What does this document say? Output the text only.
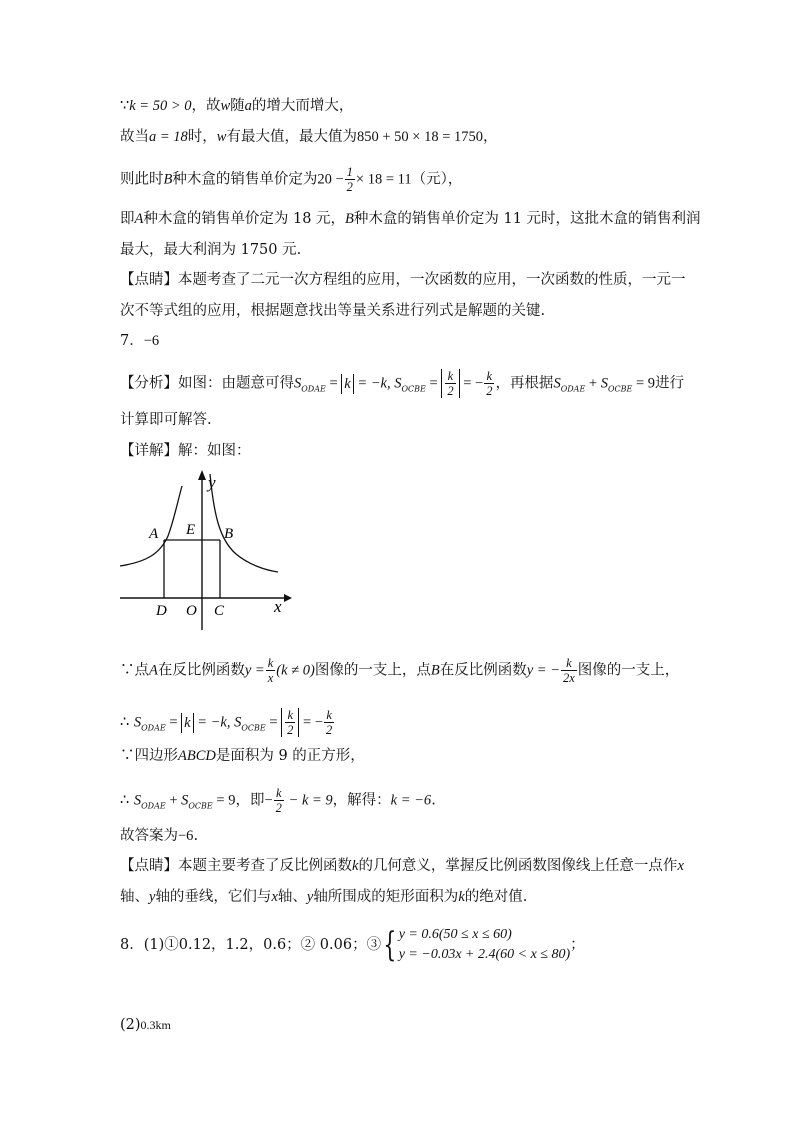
∵k = 50 > 0，故w随a的增大而增大，
故当a = 18时，w有最大值，最大值为850 + 50 × 18 = 1750，
则此时B种木盒的销售单价定为$20 - \frac{1}{2} \times 18 = 11$（元），
即A种木盒的销售单价定为 18 元，B种木盒的销售单价定为 11 元时，这批木盒的销售利润
最大，最大利润为 1750 元.
【点睛】本题考查了二元一次方程组的应用，一次函数的应用，一次函数的性质，一元一
次不等式组的应用，根据题意找出等量关系进行列式是解题的关键.
7．−6
【分析】如图：由题意可得$S_{ODAE} = k = -k$, $S_{OCBE} = \frac{k}{2}$ = − $\frac{k}{2}$ ，再根据$S_{ODAE} + S_{OCBE} = 9$进行
计算即可解答.
【详解】解：如图：
y
x
A E B
D O C
∵点A在反比例函数$y = \frac{k}{x} (k \ne 0)$图像的一支上，点B在反比例函数y = − $\frac{k}{2x}$ 图像的一支上，
∴ $S_{ODAE} = k = -k$, $S_{OCBE} = \frac{k}{2}$ = − $\frac{k}{2}$
∵四边形ABCD是面积为 9 的正方形，
∴ $S_{ODAE} + S_{OCBE} = 9$，即− $\frac{k}{2} - k = 9$，解得：k = −6.
故答案为−6.
【点睛】本题主要考查了反比例函数k的几何意义，掌握反比例函数图像线上任意一点作x
轴、y轴的垂线，它们与x轴、y轴所围成的矩形面积为k的绝对值.
8．(1)①0.12，1.2，0.6；② 0.06；③{ y = 0.6(50 ≤ x ≤ 60)
y = −0.03x + 2.4(60 < x ≤ 80)
；
(2)0.3km
